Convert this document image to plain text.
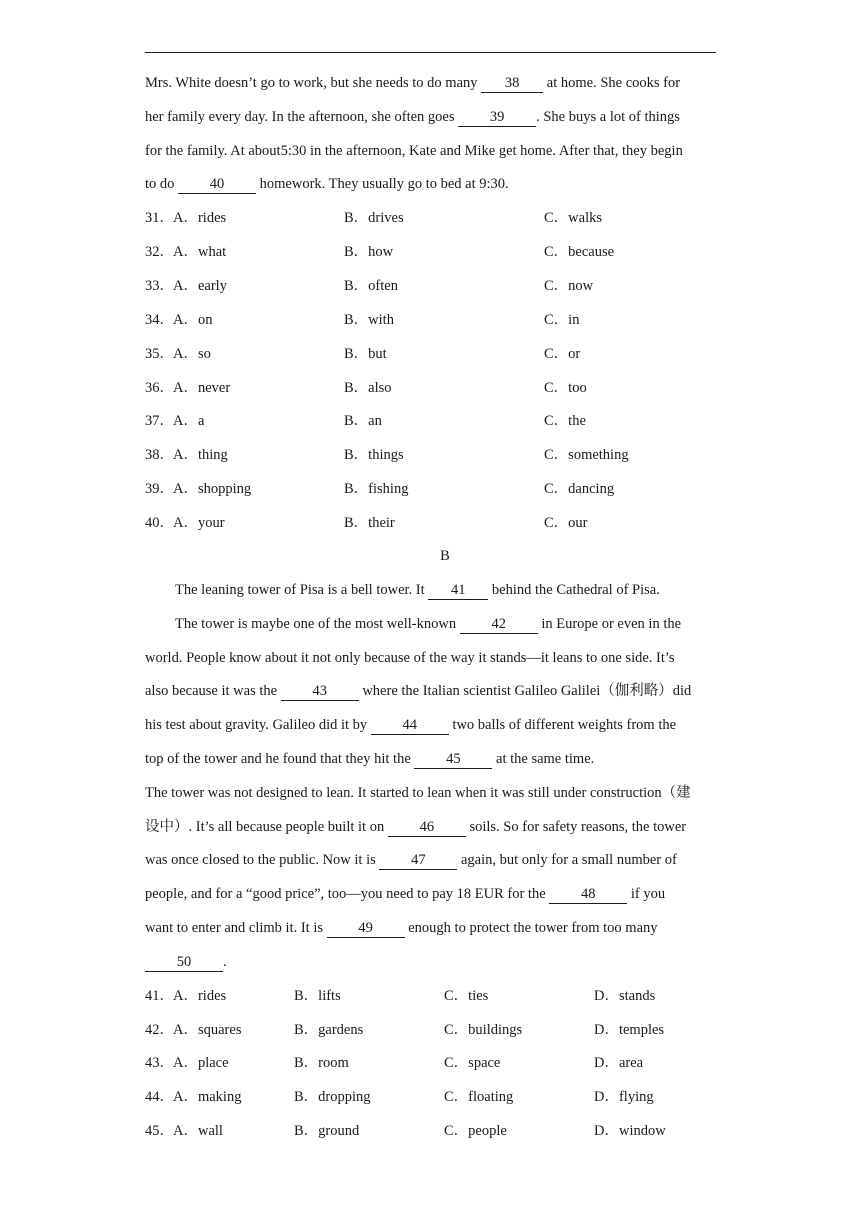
Mrs. White doesn’t go to work, but she needs to do many 38 at home. She cooks for
her family every day. In the afternoon, she often goes 39 . She buys a lot of things
for the family. At about5:30 in the afternoon, Kate and Mike get home. After that, they begin
to do 40 homework. They usually go to bed at 9:30.
31． A．rides	B．drives	C．walks
32． A．what	B．how	C．because
33． A．early	B．often	C．now
34． A．on	B．with	C．in
35． A．so	B．but	C．or
36． A．never	B．also	C．too
37． A．a	B．an	C．the
38． A．thing	B．things	C．something
39． A．shopping	B．fishing	C．dancing
40． A．your	B．their	C．our
B
The leaning tower of Pisa is a bell tower. It 41 behind the Cathedral of Pisa.
The tower is maybe one of the most well-known 42 in Europe or even in the
world. People know about it not only because of the way it stands—it leans to one side. It’s
also because it was the 43 where the Italian scientist Galileo Galilei（伽利略）did
his test about gravity. Galileo did it by 44 two balls of different weights from the
top of the tower and he found that they hit the 45 at the same time.
The tower was not designed to lean. It started to lean when it was still under construction（建
设中）. It’s all because people built it on 46 soils. So for safety reasons, the tower
was once closed to the public. Now it is 47 again, but only for a small number of
people, and for a “good price”, too—you need to pay 18 EUR for the 48 if you
want to enter and climb it. It is 49 enough to protect the tower from too many
50 .
41． A．rides	B．lifts	C．ties	D．stands
42． A．squares	B．gardens	C．buildings	D．temples
43． A．place	B．room	C．space	D．area
44． A．making	B．dropping	C．floating	D．flying
45． A．wall	B．ground	C．people	D．window
